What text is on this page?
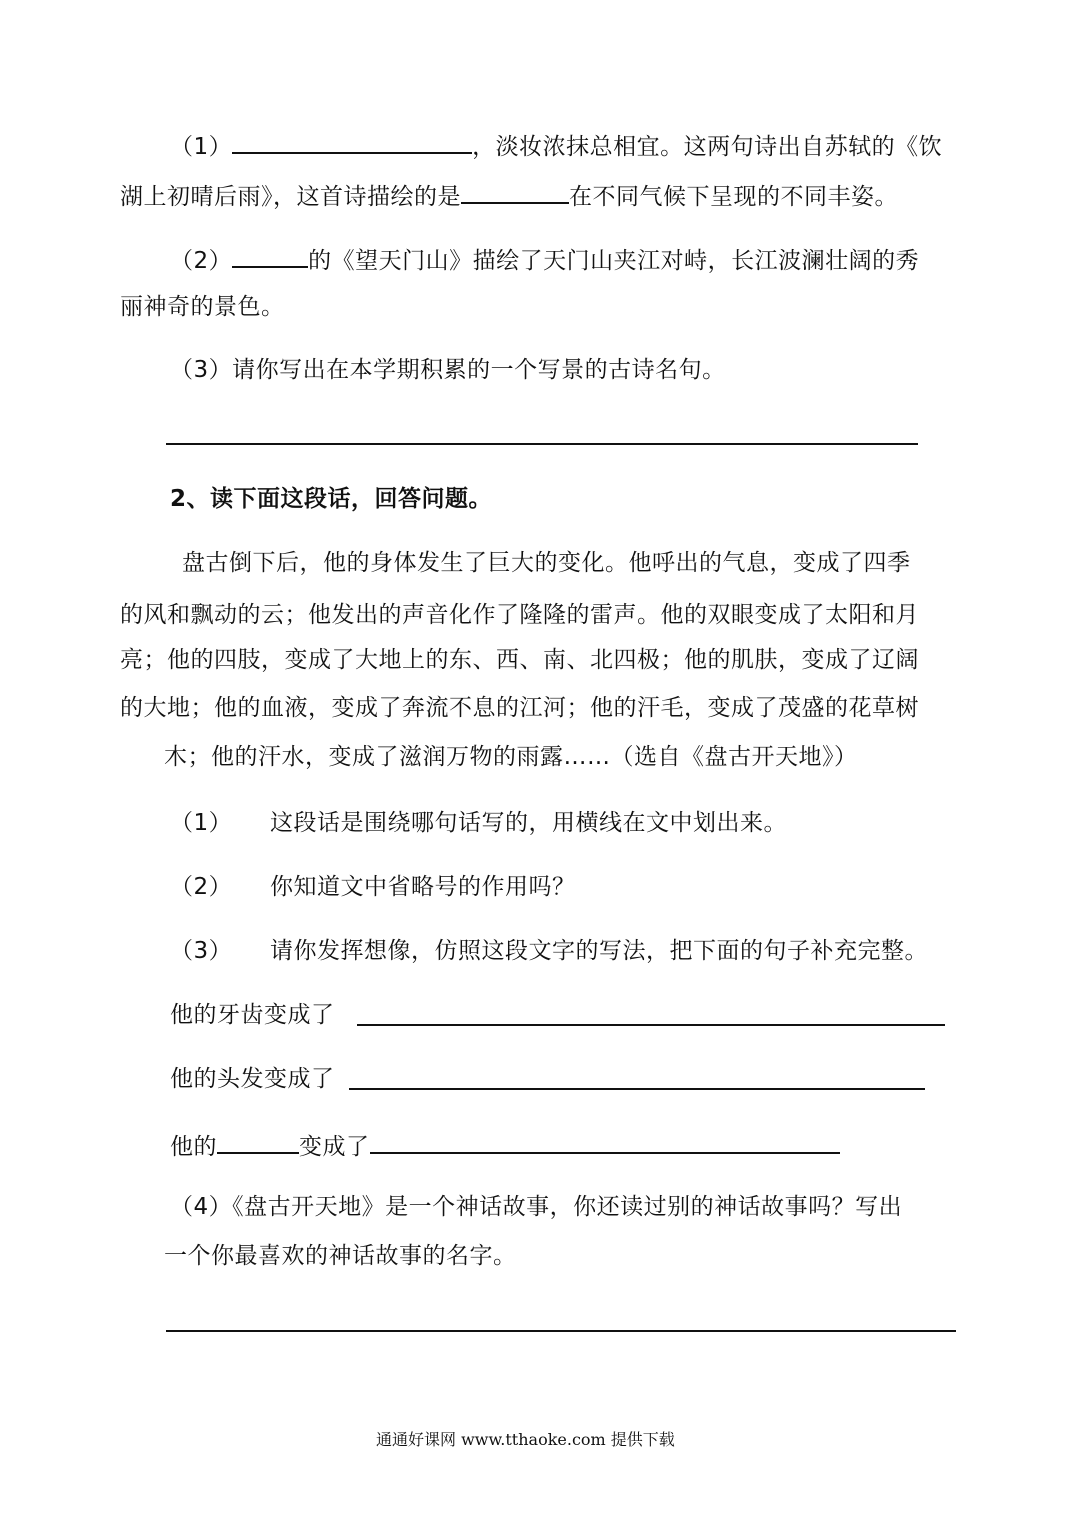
（1）	，淡妆浓抹总相宜。这两句诗出自苏轼的《饮
湖上初晴后雨》，这首诗描绘的是	在不同气候下呈现的不同丰姿。
（2）	的《望天门山》描绘了天门山夹江对峙，长江波澜壮阔的秀
丽神奇的景色。
（3）请你写出在本学期积累的一个写景的古诗名句。
2、读下面这段话，回答问题。
盘古倒下后，他的身体发生了巨大的变化。他呼出的气息，变成了四季
的风和飘动的云；他发出的声音化作了隆隆的雷声。他的双眼变成了太阳和月
亮；他的四肢，变成了大地上的东、西、南、北四极；他的肌肤，变成了辽阔
的大地；他的血液，变成了奔流不息的江河；他的汗毛，变成了茂盛的花草树
木；他的汗水，变成了滋润万物的雨露……（选自《盘古开天地》）
（1） 这段话是围绕哪句话写的，用横线在文中划出来。
（2） 你知道文中省略号的作用吗？
（3） 请你发挥想像，仿照这段文字的写法，把下面的句子补充完整。
他的牙齿变成了
他的头发变成了
他的	变成了
（4）《盘古开天地》是一个神话故事，你还读过别的神话故事吗？写出
一个你最喜欢的神话故事的名字。
通通好课网 www.tthaoke.com 提供下载
